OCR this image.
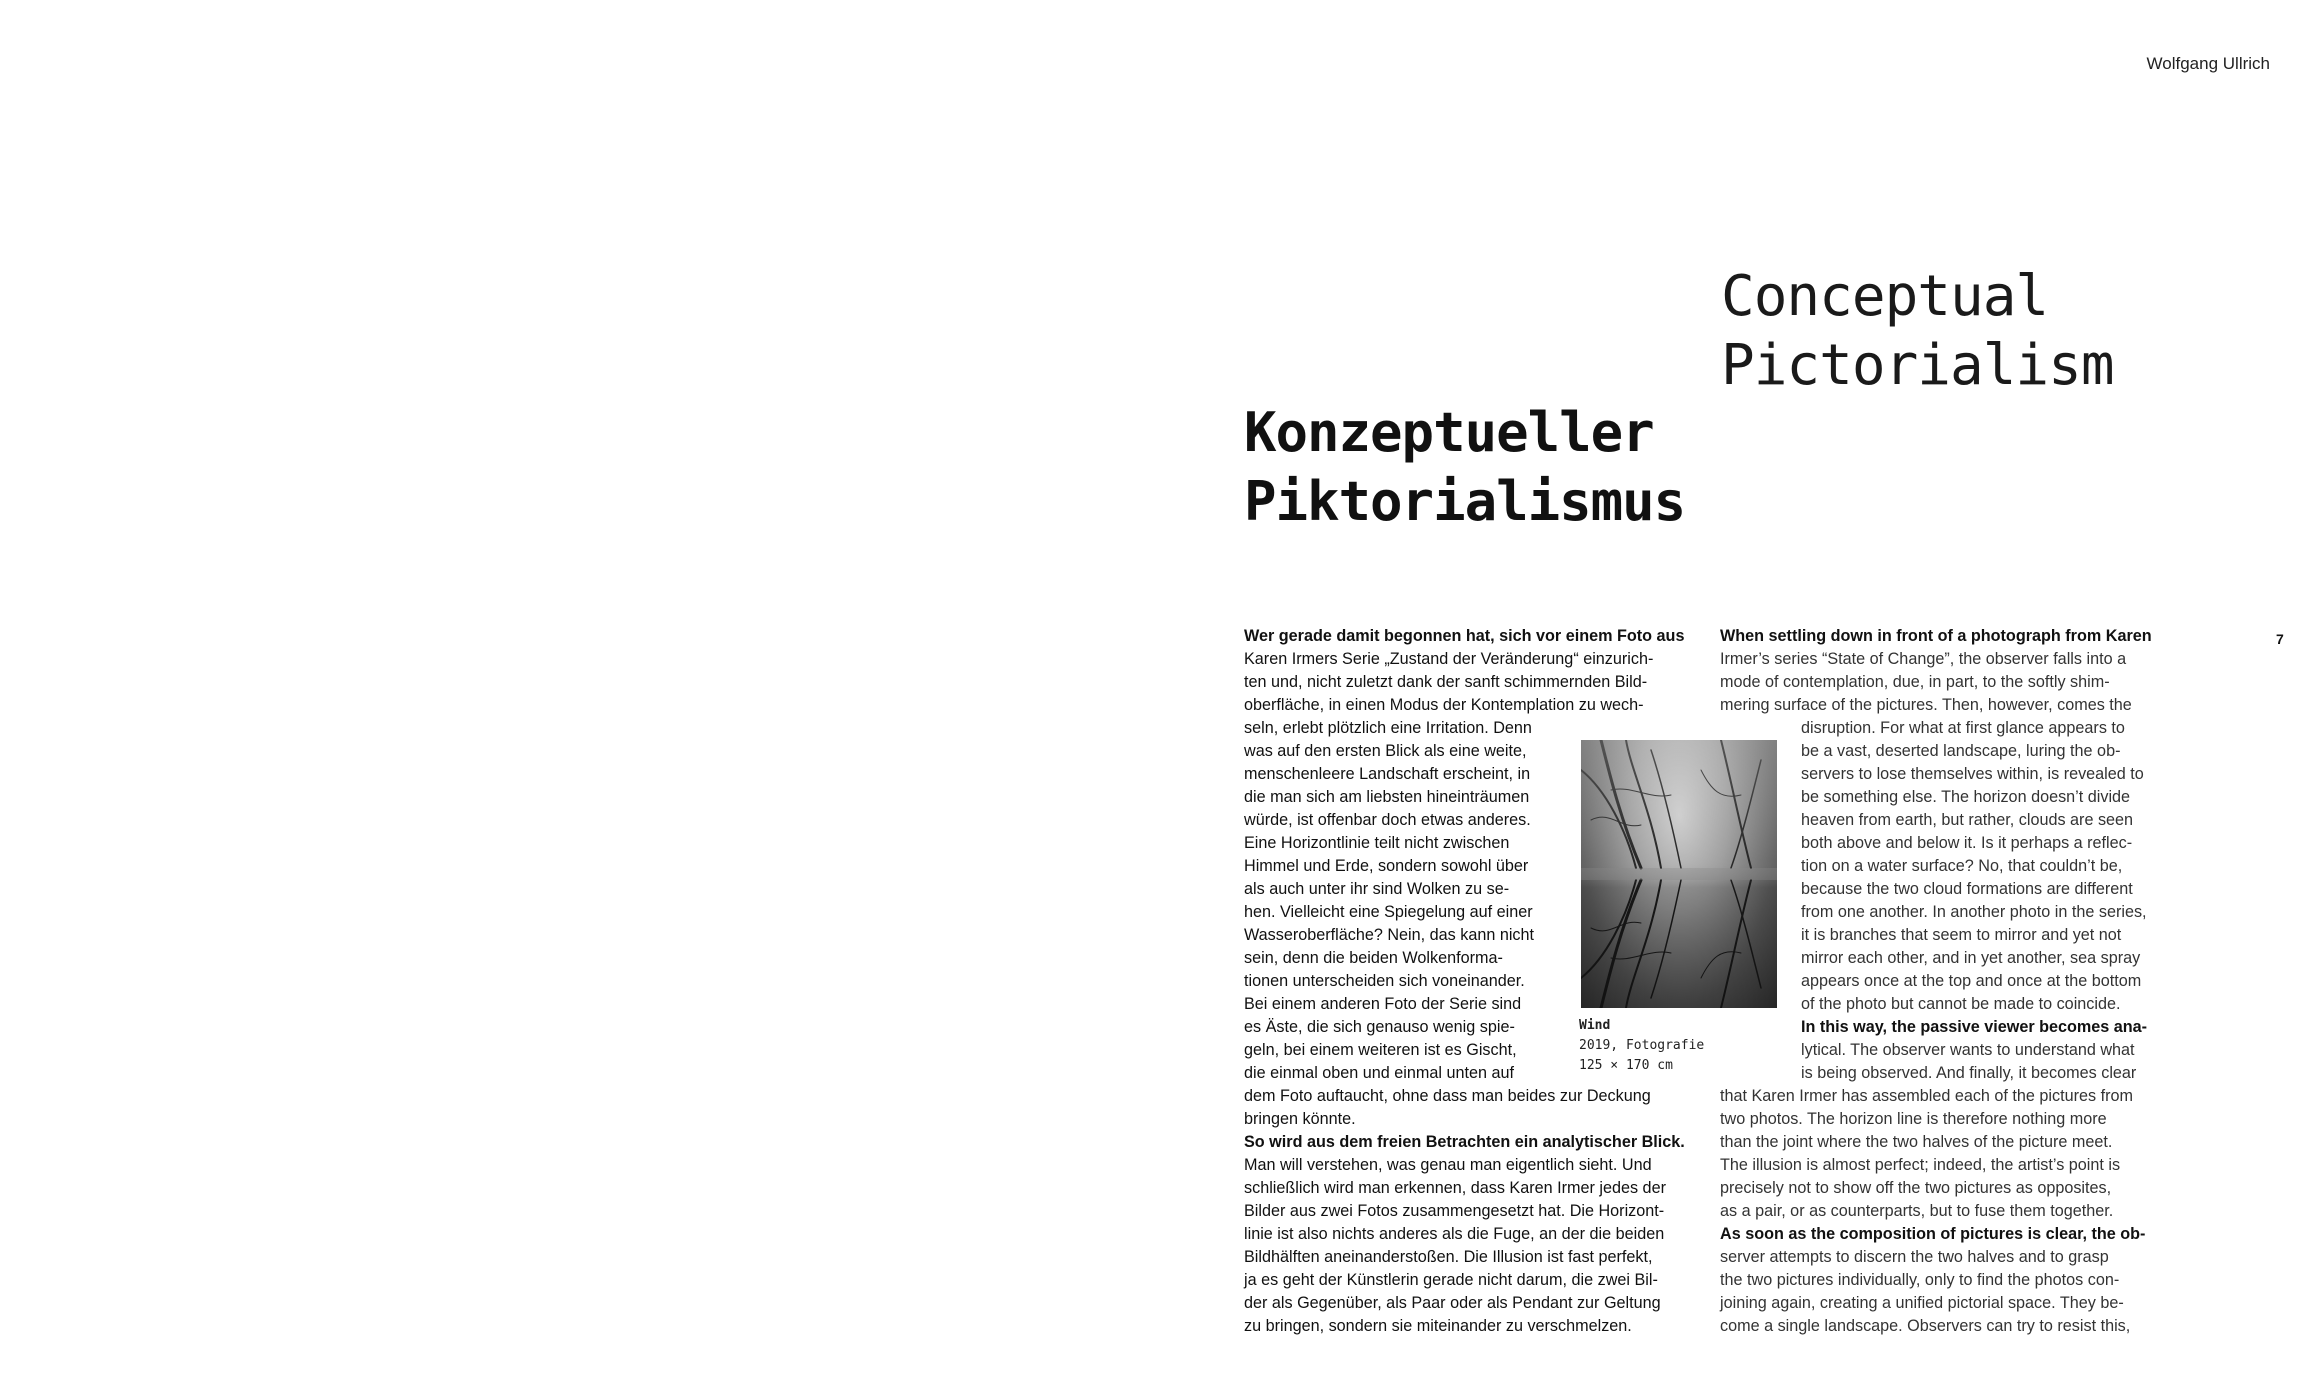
Wolfgang Ullrich
Conceptual
Pictorialism
Konzeptueller
Piktorialismus
7
Wer gerade damit begonnen hat, sich vor einem Foto aus
Karen Irmers Serie „Zustand der Veränderung“ einzurich-
ten und, nicht zuletzt dank der sanft schimmernden Bild-
oberfläche, in einen Modus der Kontemplation zu wech-
seln, erlebt plötzlich eine Irritation. Denn
was auf den ersten Blick als eine weite,
menschenleere Landschaft erscheint, in
die man sich am liebsten hineinträumen
würde, ist offenbar doch etwas anderes.
Eine Horizontlinie teilt nicht zwischen
Himmel und Erde, sondern sowohl über
als auch unter ihr sind Wolken zu se-
hen. Vielleicht eine Spiegelung auf einer
Wasseroberfläche? Nein, das kann nicht
sein, denn die beiden Wolkenforma-
tionen unterscheiden sich voneinander.
Bei einem anderen Foto der Serie sind
es Äste, die sich genauso wenig spie-
geln, bei einem weiteren ist es Gischt,
die einmal oben und einmal unten auf
dem Foto auftaucht, ohne dass man beides zur Deckung
bringen könnte.
So wird aus dem freien Betrachten ein analytischer Blick.
Man will verstehen, was genau man eigentlich sieht. Und
schließlich wird man erkennen, dass Karen Irmer jedes der
Bilder aus zwei Fotos zusammengesetzt hat. Die Horizont-
linie ist also nichts anderes als die Fuge, an der die beiden
Bildhälften aneinanderstoßen. Die Illusion ist fast perfekt,
ja es geht der Künstlerin gerade nicht darum, die zwei Bil-
der als Gegenüber, als Paar oder als Pendant zur Geltung
zu bringen, sondern sie miteinander zu verschmelzen.
When settling down in front of a photograph from Karen
Irmer’s series “State of Change”, the observer falls into a
mode of contemplation, due, in part, to the softly shim-
mering surface of the pictures. Then, however, comes the
disruption. For what at first glance appears to
be a vast, deserted landscape, luring the ob-
servers to lose themselves within, is revealed to
be something else. The horizon doesn’t divide
heaven from earth, but rather, clouds are seen
both above and below it. Is it perhaps a reflec-
tion on a water surface? No, that couldn’t be,
because the two cloud formations are different
from one another. In another photo in the series,
it is branches that seem to mirror and yet not
mirror each other, and in yet another, sea spray
appears once at the top and once at the bottom
of the photo but cannot be made to coincide.
In this way, the passive viewer becomes ana-
lytical. The observer wants to understand what
is being observed. And finally, it becomes clear
that Karen Irmer has assembled each of the pictures from
two photos. The horizon line is therefore nothing more
than the joint where the two halves of the picture meet.
The illusion is almost perfect; indeed, the artist’s point is
precisely not to show off the two pictures as opposites,
as a pair, or as counterparts, but to fuse them together.
As soon as the composition of pictures is clear, the ob-
server attempts to discern the two halves and to grasp
the two pictures individually, only to find the photos con-
joining again, creating a unified pictorial space. They be-
come a single landscape. Observers can try to resist this,
Wind
2019, Fotografie
125 × 170 cm
